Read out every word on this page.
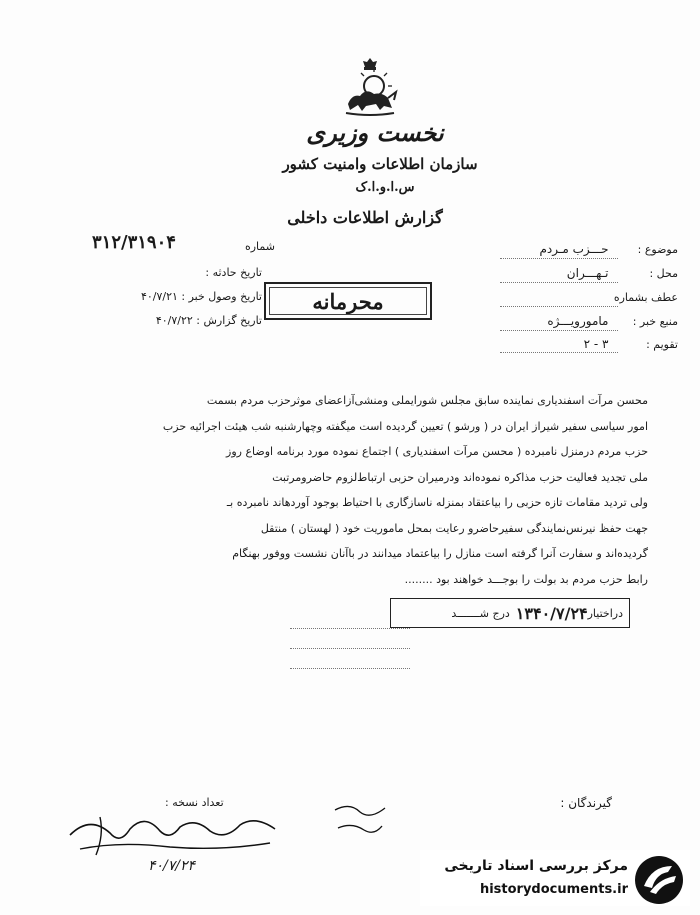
نخست وزیری
سازمان اطلاعات وامنیت کشور
س.ا.و.ا.ک
گزارش اطلاعات داخلی
موضوع : حـــزب مـردم
محل : تـهـــران
عطف بشماره
منبع خبر : مامورویـــژه
تقویم : ۳ - ۲
۳۱۲/۳۱۹۰۴	شماره
تاریخ حادثه :
تاریخ وصول خبر : ۴۰/۷/۲۱
تاریخ گزارش : ۴۰/۷/۲۲
محرمانه
محسن مرآت اسفندیاری نماینده سابق مجلس شورایملی ومنشی‌آزاعضای موثرحزب مردم‌ بسمت
امور سیاسی سفیر شیراز ایران در ( ورشو ) تعیین گردیده است ‌میگفته ‌‌وچهارشنبه شب ‌‌هیئت ‌‌اجرائیه ‌‌حزب
حزب مردم درمنزل ‌نامبرده ( محسن مرآت اسفندیاری ) اجتماع نموده ‌مورد ‌برنامه ‌اوضاع روز
ملی تجدید فعالیت حزب مذاکره نموده‌اند ودرمیران حزبی ارتباط‌لزوم حاضرومرتبت
ولی تردید مقامات تازه‌ حزبی ‌را بیاعتقاد بمنزله ‌‌ناسازگاری ‌با احتیاط بوجود آورد‌هاند نامبرده بـ
جهت حفظ نیرنس‌نمایندگی سفیرحاضرو رعایت بمحل ماموریت خود ( لهستان ) منتقل
گردیده‌اند و سفارت ‌آنرا گرفته است ‌منازل‌ را بیاعتماد ‌میدانند ‌در با‌آنان نشست ‌ووفور بهنگام
رابط حزب مردم بد‌ بولت را بوجـــد خواهند بود ........
دراختیار
۱۳۴۰/۷/۲۴
درج شـــــــد
گیرندگان :
تعداد نسخه :
۴۰/۷/۲۴	مرکز بررسی اسناد تاریخی
historydocuments.ir
